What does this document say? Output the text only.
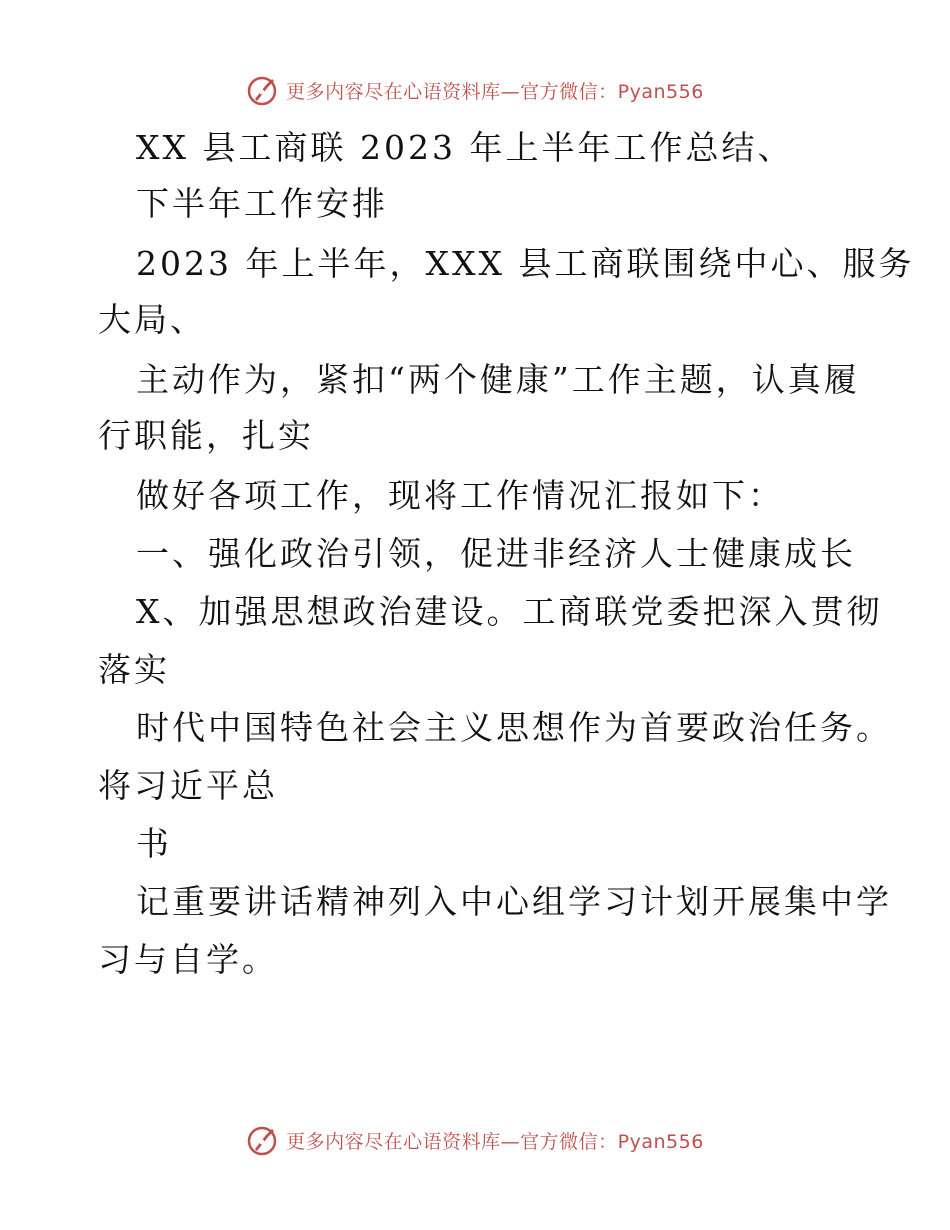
更多内容尽在心语资料库—官方微信：Pyan556
XX 县工商联 2023 年上半年工作总结、
下半年工作安排
2023 年上半年，XXX 县工商联围绕中心、服务
大局、
主动作为，紧扣“两个健康”工作主题，认真履
行职能，扎实
做好各项工作，现将工作情况汇报如下：
一、强化政治引领，促进非经济人士健康成长
X、加强思想政治建设。工商联党委把深入贯彻
落实
时代中国特色社会主义思想作为首要政治任务。
将习近平总
书
记重要讲话精神列入中心组学习计划开展集中学
习与自学。
更多内容尽在心语资料库—官方微信：Pyan556
